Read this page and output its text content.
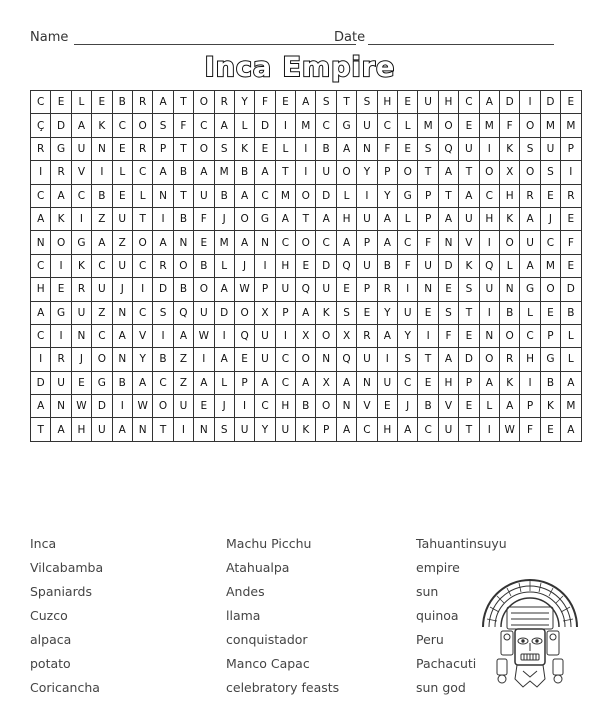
Name	Date
Inca Empire
C	E	L	E	B	R	A	T	O	R	Y	F	E	A	S	T	S	H	E	U	H	C	A	D	I	D	E
Ç	D	A	K	C	O	S	F	C	A	L	D	I	M	C	G	U	C	L	M	O	E	M	F	O	M	M
R	G	U	N	E	R	P	T	O	S	K	E	L	I	B	A	N	F	E	S	Q	U	I	K	S	U	P
I	R	V	I	L	C	A	B	A	M	B	A	T	I	U	O	Y	P	O	T	A	T	O	X	O	S	I
C	A	C	B	E	L	N	T	U	B	A	C	M	O	D	L	I	Y	G	P	T	A	C	H	R	E	R
A	K	I	Z	U	T	I	B	F	J	O	G	A	T	A	H	U	A	L	P	A	U	H	K	A	J	E
N	O	G	A	Z	O	A	N	E	M	A	N	C	O	C	A	P	A	C	F	N	V	I	O	U	C	F
C	I	K	C	U	C	R	O	B	L	J	I	H	E	D	Q	U	B	F	U	D	K	Q	L	A	M	E
H	E	R	U	J	I	D	B	O	A	W	P	U	Q	U	E	P	R	I	N	E	S	U	N	G	O	D
A	G	U	Z	N	C	S	Q	U	D	O	X	P	A	K	S	E	Y	U	E	S	T	I	B	L	E	B
C	I	N	C	A	V	I	A	W	I	Q	U	I	X	O	X	R	A	Y	I	F	E	N	O	C	P	L
I	R	J	O	N	Y	B	Z	I	A	E	U	C	O	N	Q	U	I	S	T	A	D	O	R	H	G	L
D	U	E	G	B	A	C	Z	A	L	P	A	C	A	X	A	N	U	C	E	H	P	A	K	I	B	A
A	N	W	D	I	W	O	U	E	J	I	C	H	B	O	N	V	E	J	B	V	E	L	A	P	K	M
T	A	H	U	A	N	T	I	N	S	U	Y	U	K	P	A	C	H	A	C	U	T	I	W	F	E	A
Inca
Vilcabamba
Spaniards
Cuzco
alpaca
potato
Coricancha
Machu Picchu
Atahualpa
Andes
llama
conquistador
Manco Capac
celebratory feasts
Tahuantinsuyu
empire
sun
quinoa
Peru
Pachacuti
sun god
